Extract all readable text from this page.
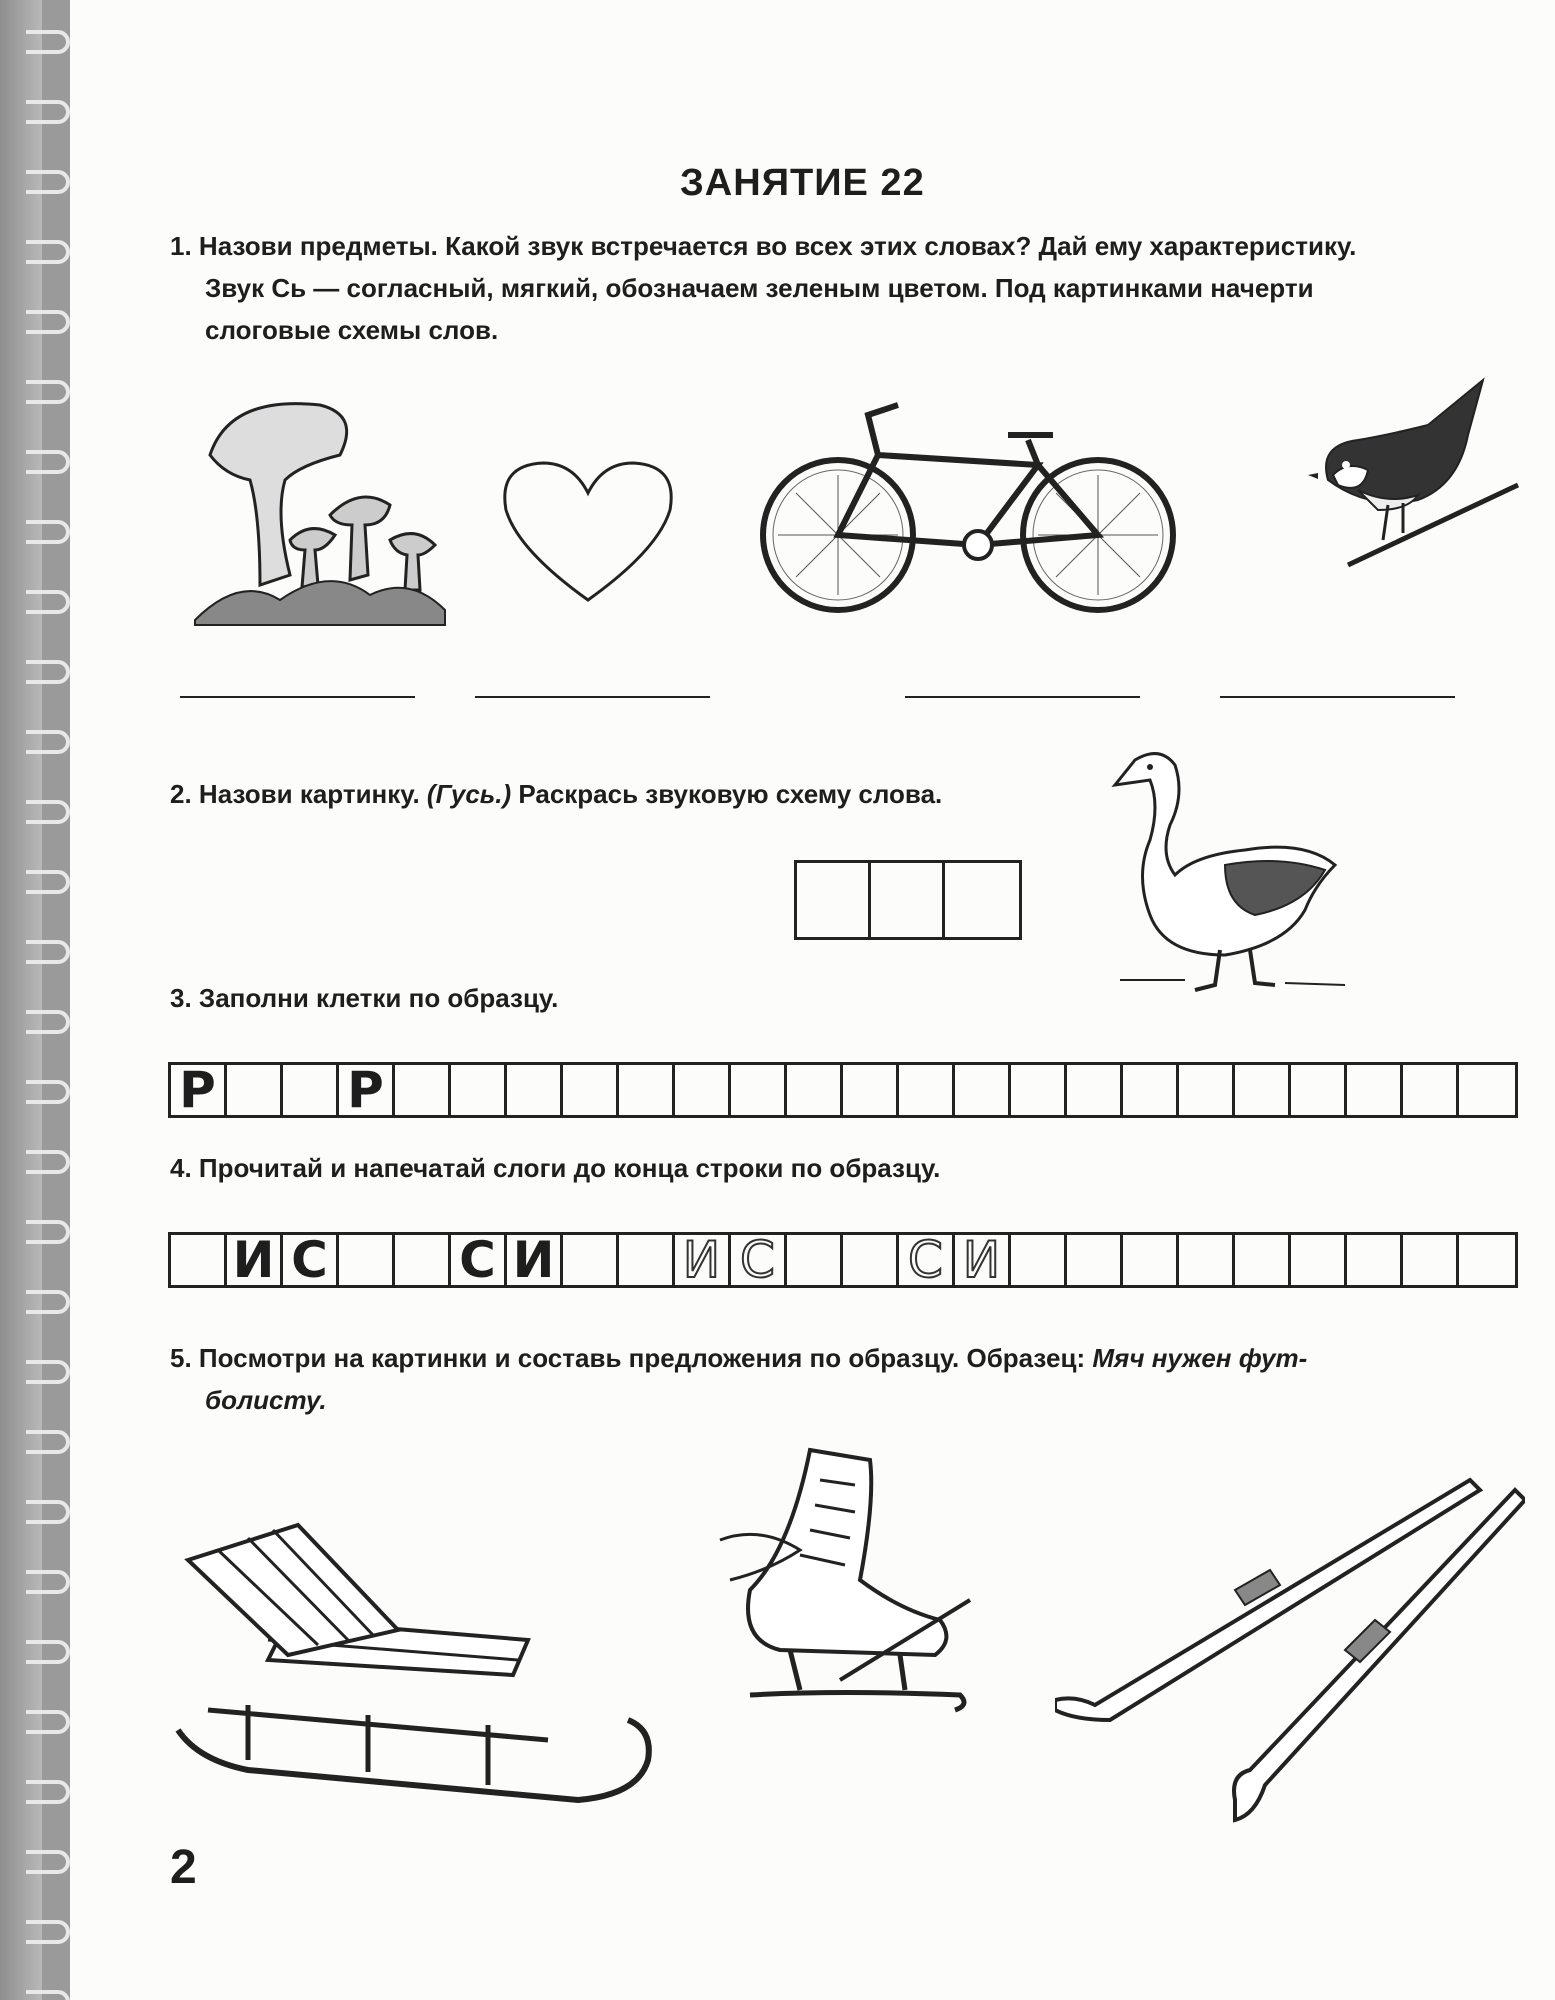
ЗАНЯТИЕ 22
1. Назови предметы. Какой звук встречается во всех этих словах? Дай ему характеристику.
Звук Сь — согласный, мягкий, обозначаем зеленым цветом. Под картинками начерти
слоговые схемы слов.
2. Назови картинку. (Гусь.) Раскрась звуковую схему слова.
3. Заполни клетки по образцу.
Р	Р
4. Прочитай и напечатай слоги до конца строки по образцу.
И С	С И	И С	С И
5. Посмотри на картинки и составь предложения по образцу. Образец: Мяч нужен фут-
болисту.
2
